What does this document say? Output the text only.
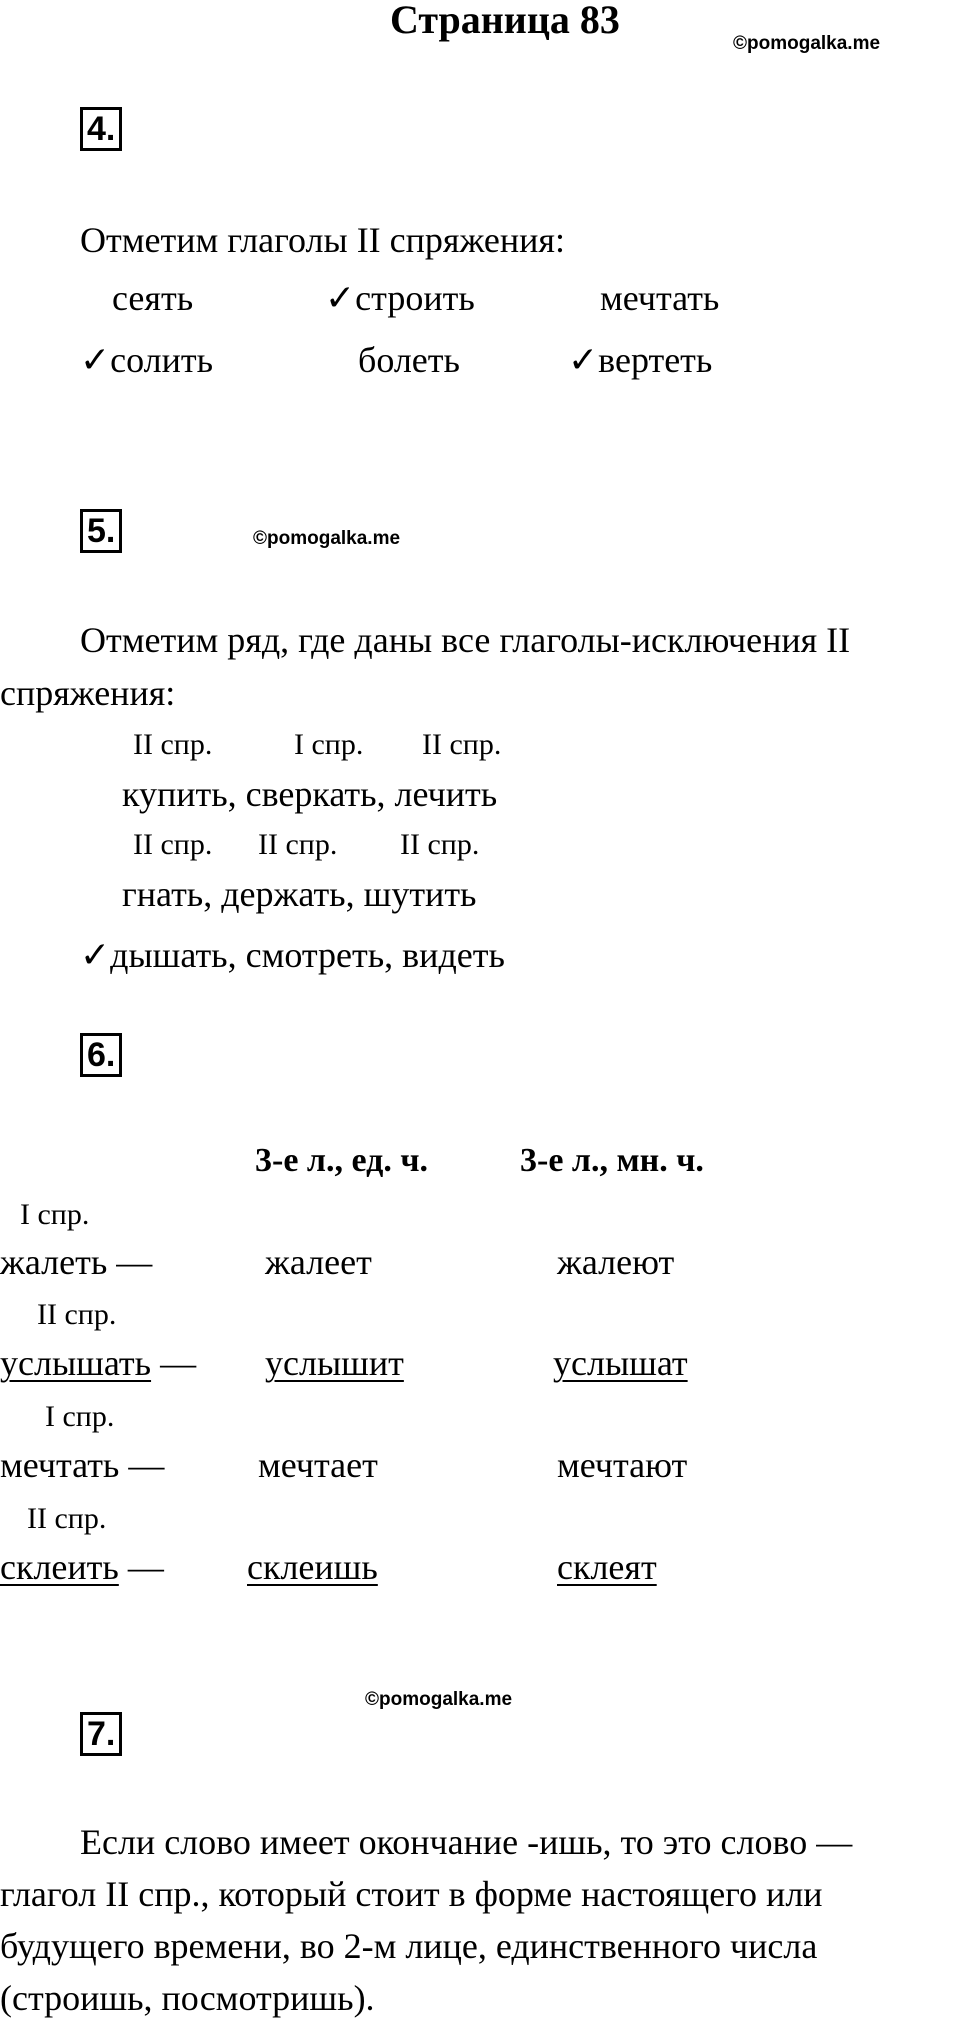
Страница 83
©pomogalka.me
4.
Отметим глаголы II спряжения:
сеять	✓строить	мечтать
✓солить	болеть	✓вертеть
5.	©pomogalka.me
Отметим ряд, где даны все глаголы-исключения II
спряжения:
II спр.	I спр. II спр.
купить, сверкать, лечить
II спр. II спр. II спр.
гнать, держать, шутить
✓дышать, смотреть, видеть
6.
3-е л., ед. ч.	3-е л., мн. ч.
I спр.
жалеть —	жалеет	жалеют
II спр.
услышать — услышит	услышат
I спр.
мечтать —	мечтает	мечтают
II спр.
склеить — склеишь	склеят
©pomogalka.me
7.
Если слово имеет окончание -ишь, то это слово —
глагол II спр., который стоит в форме настоящего или
будущего времени, во 2-м лице, единственного числа
(строишь, посмотришь).
